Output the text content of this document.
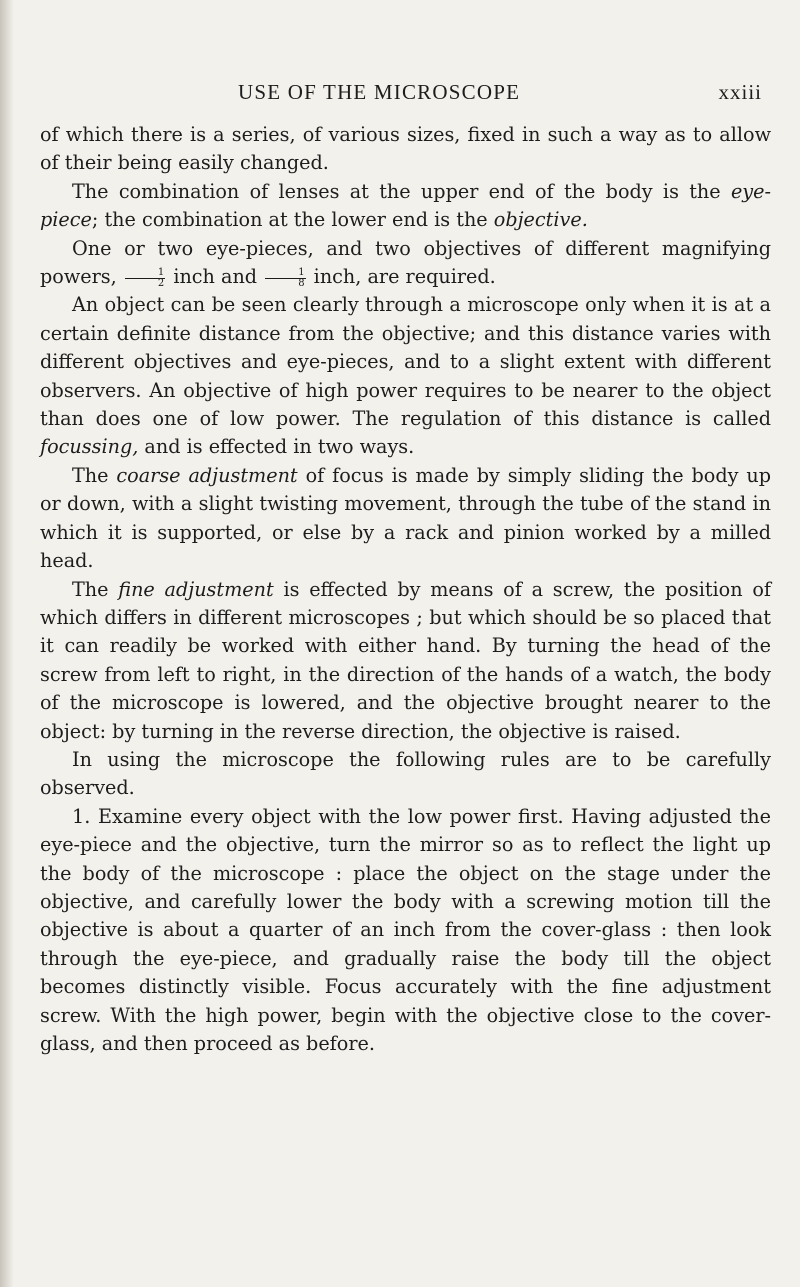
USE OF THE MICROSCOPE	xxiii

of which there is a series, of various sizes, fixed in such a way as to allow of their being easily changed.

The combination of lenses at the upper end of the body is the eye-piece; the combination at the lower end is the objective.

One or two eye-pieces, and two objectives of different magnifying powers, $\frac{1}{2}$ inch and $\frac{1}{8}$ inch, are required.

An object can be seen clearly through a microscope only when it is at a certain definite distance from the objective; and this distance varies with different objectives and eye-pieces, and to a slight extent with different observers. An objective of high power requires to be nearer to the object than does one of low power. The regulation of this distance is called focussing, and is effected in two ways.

The coarse adjustment of focus is made by simply sliding the body up or down, with a slight twisting movement, through the tube of the stand in which it is supported, or else by a rack and pinion worked by a milled head.

The fine adjustment is effected by means of a screw, the position of which differs in different microscopes ; but which should be so placed that it can readily be worked with either hand. By turning the head of the screw from left to right, in the direction of the hands of a watch, the body of the microscope is lowered, and the objective brought nearer to the object: by turning in the reverse direction, the objective is raised.

In using the microscope the following rules are to be carefully observed.

1. Examine every object with the low power first. Having adjusted the eye-piece and the objective, turn the mirror so as to reflect the light up the body of the microscope : place the object on the stage under the objective, and carefully lower the body with a screwing motion till the objective is about a quarter of an inch from the cover-glass : then look through the eye-piece, and gradually raise the body till the object becomes distinctly visible. Focus accurately with the fine adjustment screw. With the high power, begin with the objective close to the cover-glass, and then proceed as before.
